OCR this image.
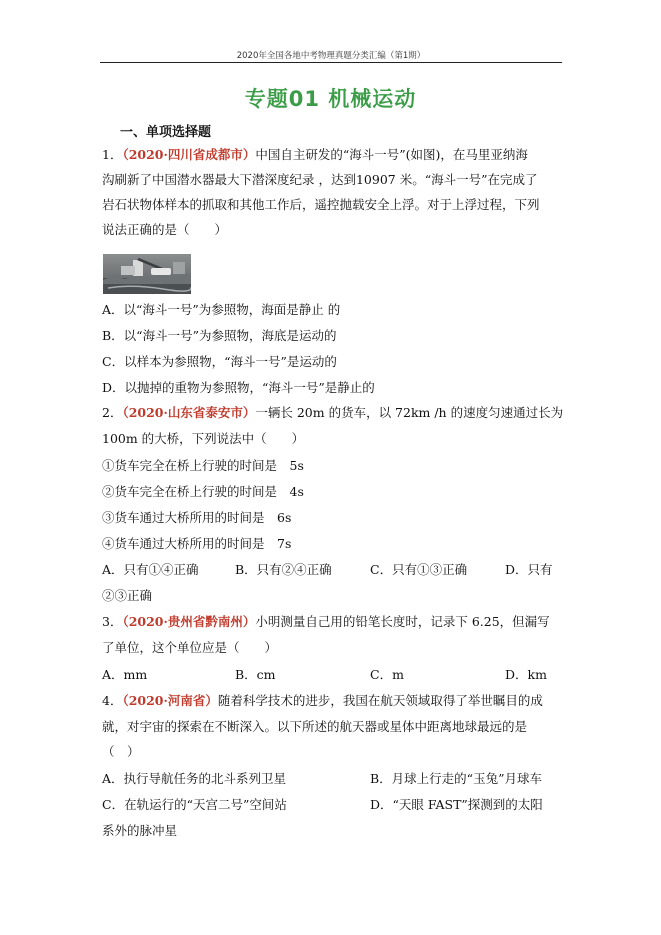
2020年全国各地中考物理真题分类汇编（第1期）
专题01 机械运动
一、单项选择题
1．（2020·四川省成都市）中国自主研发的“海斗一号”(如图)，在马里亚纳海
沟刷新了中国潜水器最大下潜深度纪录 ，达到10907 米。“海斗一号”在完成了
岩石状物体样本的抓取和其他工作后，遥控抛载安全上浮。对于上浮过程，下列
说法正确的是（　　）
A．以“海斗一号”为参照物，海面是静止 的
B．以“海斗一号”为参照物，海底是运动的
C．以样本为参照物，“海斗一号”是运动的
D．以抛掉的重物为参照物，“海斗一号”是静止的
2．（2020·山东省泰安市）一辆长 20m 的货车，以 72km /h 的速度匀速通过长为
100m 的大桥，下列说法中（　　）
①货车完全在桥上行驶的时间是　5s
②货车完全在桥上行驶的时间是　4s
③货车通过大桥所用的时间是　6s
④货车通过大桥所用的时间是　7s
A．只有①④正确	B．只有②④正确	C．只有①③正确	D．只有
②③正确
3．（2020·贵州省黔南州）小明测量自己用的铅笔长度时，记录下 6.25，但漏写
了单位，这个单位应是（　　）
A．mm	B．cm	C．m	D．km
4．（2020·河南省）随着科学技术的进步，我国在航天领域取得了举世瞩目的成
就，对宇宙的探索在不断深入。以下所述的航天器或星体中距离地球最远的是
（　）
A．执行导航任务的北斗系列卫星	B．月球上行走的“玉兔”月球车
C．在轨运行的“天宫二号”空间站	D．“天眼 FAST”探测到的太阳
系外的脉冲星
